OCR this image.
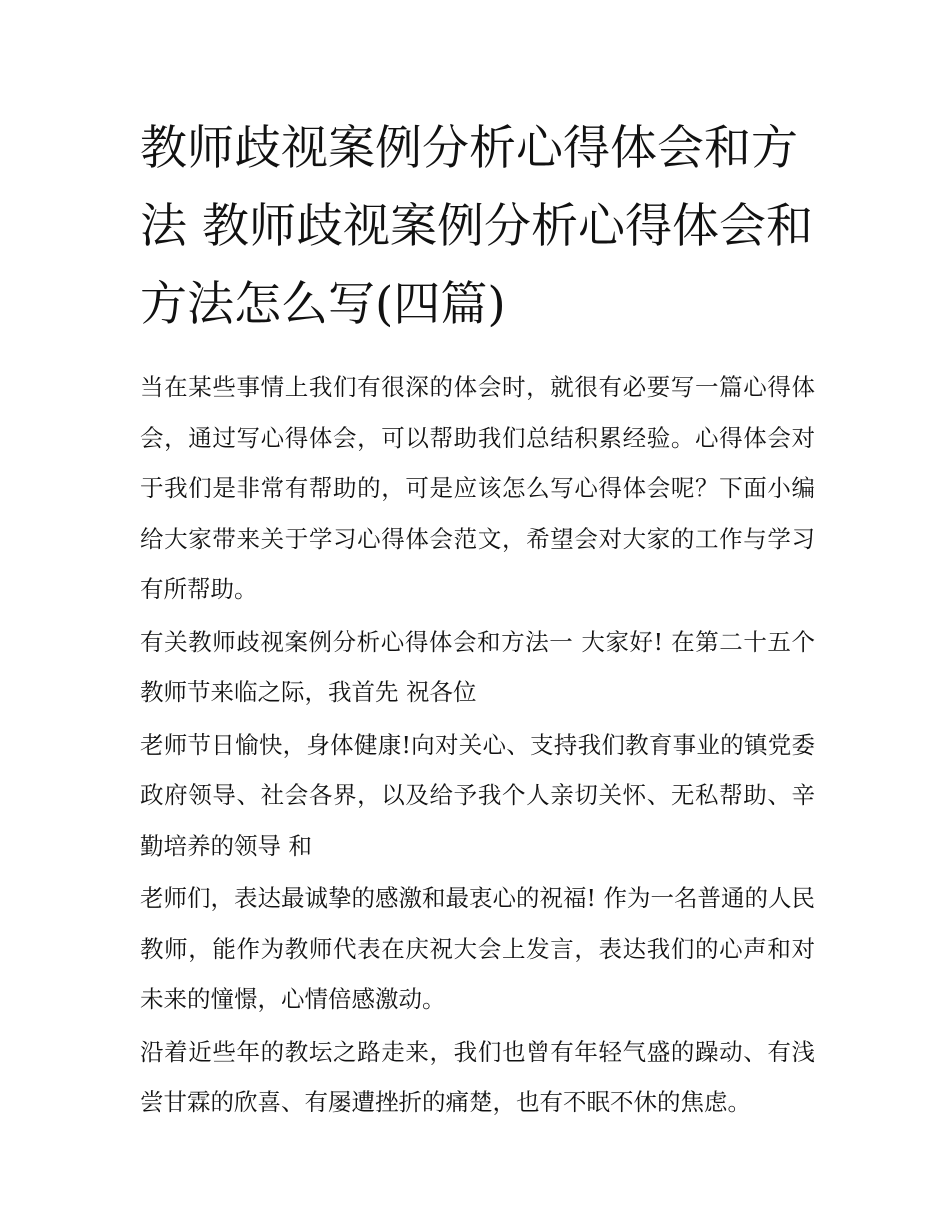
教师歧视案例分析心得体会和方法 教师歧视案例分析心得体会和方法怎么写(四篇)

当在某些事情上我们有很深的体会时，就很有必要写一篇心得体会，通过写心得体会，可以帮助我们总结积累经验。心得体会对于我们是非常有帮助的，可是应该怎么写心得体会呢？下面小编给大家带来关于学习心得体会范文，希望会对大家的工作与学习有所帮助。

有关教师歧视案例分析心得体会和方法一 大家好! 在第二十五个教师节来临之际，我首先 祝各位

老师节日愉快，身体健康!向对关心、支持我们教育事业的镇党委政府领导、社会各界，以及给予我个人亲切关怀、无私帮助、辛勤培养的领导 和

老师们，表达最诚挚的感激和最衷心的祝福! 作为一名普通的人民教师，能作为教师代表在庆祝大会上发言，表达我们的心声和对未来的憧憬，心情倍感激动。

沿着近些年的教坛之路走来，我们也曾有年轻气盛的躁动、有浅尝甘霖的欣喜、有屡遭挫折的痛楚，也有不眠不休的焦虑。
